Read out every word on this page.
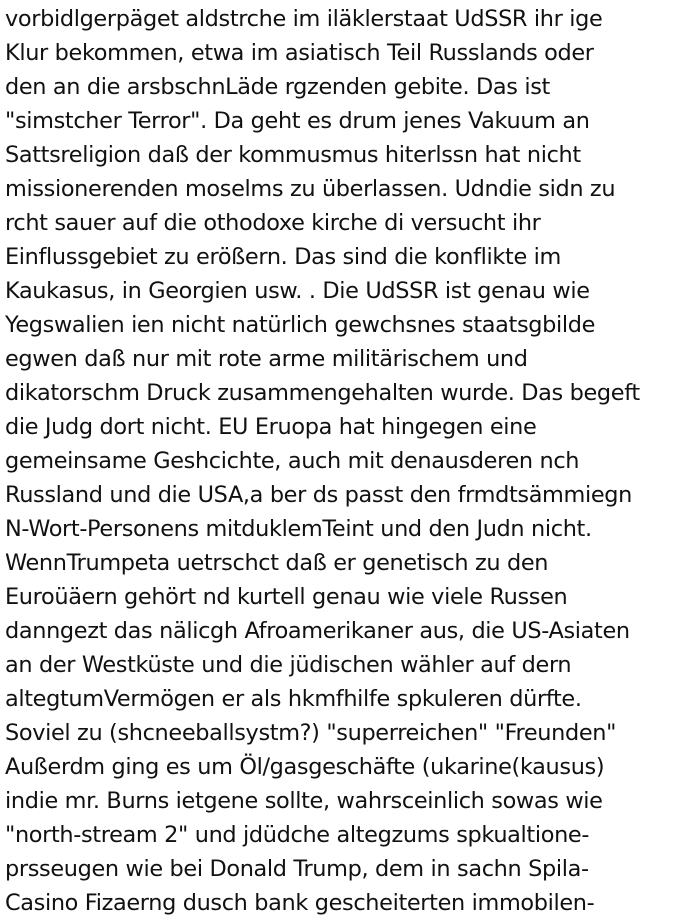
vorbidlgerpäget aldstrche im iläklerstaat UdSSR ihr ige
Klur bekommen, etwa im asiatisch Teil Russlands oder
den an die arsbschnLäde rgzenden gebite. Das ist
"simstcher Terror". Da geht es drum jenes Vakuum an
Sattsreligion daß der kommusmus hiterlssn hat nicht
missionerenden moselms zu überlassen. Udndie sidn zu
rcht sauer auf die othodoxe kirche di versucht ihr
Einflussgebiet zu erößern. Das sind die konflikte im
Kaukasus, in Georgien usw. . Die UdSSR ist genau wie
Yegswalien ien nicht natürlich gewchsnes staatsgbilde
egwen daß nur mit rote arme militärischem und
dikatorschm Druck zusammengehalten wurde. Das begeft
die Judg dort nicht. EU Eruopa hat hingegen eine
gemeinsame Geshcichte, auch mit denausderen nch
Russland und die USA,a ber ds passt den frmdtsämmiegn
N-Wort-Personens mitduklemTeint und den Judn nicht.
WennTrumpeta uetrschct daß er genetisch zu den
Euroüäern gehört nd kurtell genau wie viele Russen
danngezt das nälicgh Afroamerikaner aus, die US-Asiaten
an der Westküste und die jüdischen wähler auf dern
altegtumVermögen er als hkmfhilfe spkuleren dürfte.
Soviel zu (shcneeballsystm?) "superreichen" "Freunden"
Außerdm ging es um Öl/gasgeschäfte (ukarine(kausus)
indie mr. Burns ietgene sollte, wahrsceinlich sowas wie
"north-stream 2" und jdüdche altegzums spkualtione-
prsseugen wie bei Donald Trump, dem in sachn Spila-
Casino Fizaerng dusch bank gescheiterten immobilen-
